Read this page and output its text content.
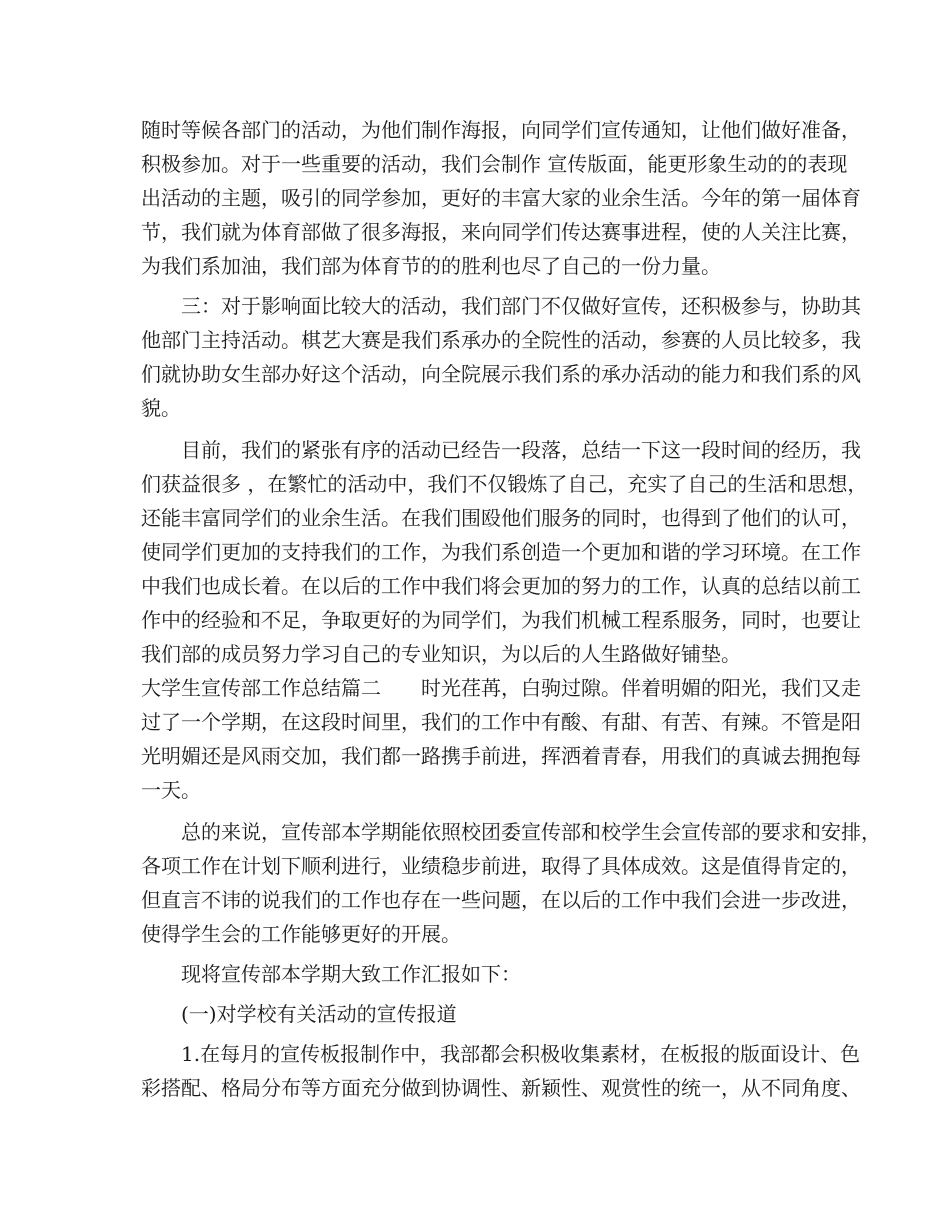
随时等候各部门的活动，为他们制作海报，向同学们宣传通知，让他们做好准备，
积极参加。对于一些重要的活动，我们会制作 宣传版面，能更形象生动的的表现
出活动的主题，吸引的同学参加，更好的丰富大家的业余生活。今年的第一届体育
节，我们就为体育部做了很多海报，来向同学们传达赛事进程，使的人关注比赛，
为我们系加油，我们部为体育节的的胜利也尽了自己的一份力量。
三：对于影响面比较大的活动，我们部门不仅做好宣传，还积极参与，协助其
他部门主持活动。棋艺大赛是我们系承办的全院性的活动，参赛的人员比较多，我
们就协助女生部办好这个活动，向全院展示我们系的承办活动的能力和我们系的风
貌。
目前，我们的紧张有序的活动已经告一段落，总结一下这一段时间的经历，我
们获益很多 ，在繁忙的活动中，我们不仅锻炼了自己，充实了自己的生活和思想，
还能丰富同学们的业余生活。在我们围殴他们服务的同时，也得到了他们的认可，
使同学们更加的支持我们的工作，为我们系创造一个更加和谐的学习环境。在工作
中我们也成长着。在以后的工作中我们将会更加的努力的工作，认真的总结以前工
作中的经验和不足，争取更好的为同学们，为我们机械工程系服务，同时，也要让
我们部的成员努力学习自己的专业知识，为以后的人生路做好铺垫。
大学生宣传部工作总结篇二　　时光荏苒，白驹过隙。伴着明媚的阳光，我们又走
过了一个学期，在这段时间里，我们的工作中有酸、有甜、有苦、有辣。不管是阳
光明媚还是风雨交加，我们都一路携手前进，挥洒着青春，用我们的真诚去拥抱每
一天。
总的来说，宣传部本学期能依照校团委宣传部和校学生会宣传部的要求和安排，
各项工作在计划下顺利进行，业绩稳步前进，取得了具体成效。这是值得肯定的，
但直言不讳的说我们的工作也存在一些问题，在以后的工作中我们会进一步改进，
使得学生会的工作能够更好的开展。
现将宣传部本学期大致工作汇报如下：
(一)对学校有关活动的宣传报道
1.在每月的宣传板报制作中，我部都会积极收集素材，在板报的版面设计、色
彩搭配、格局分布等方面充分做到协调性、新颖性、观赏性的统一，从不同角度、
